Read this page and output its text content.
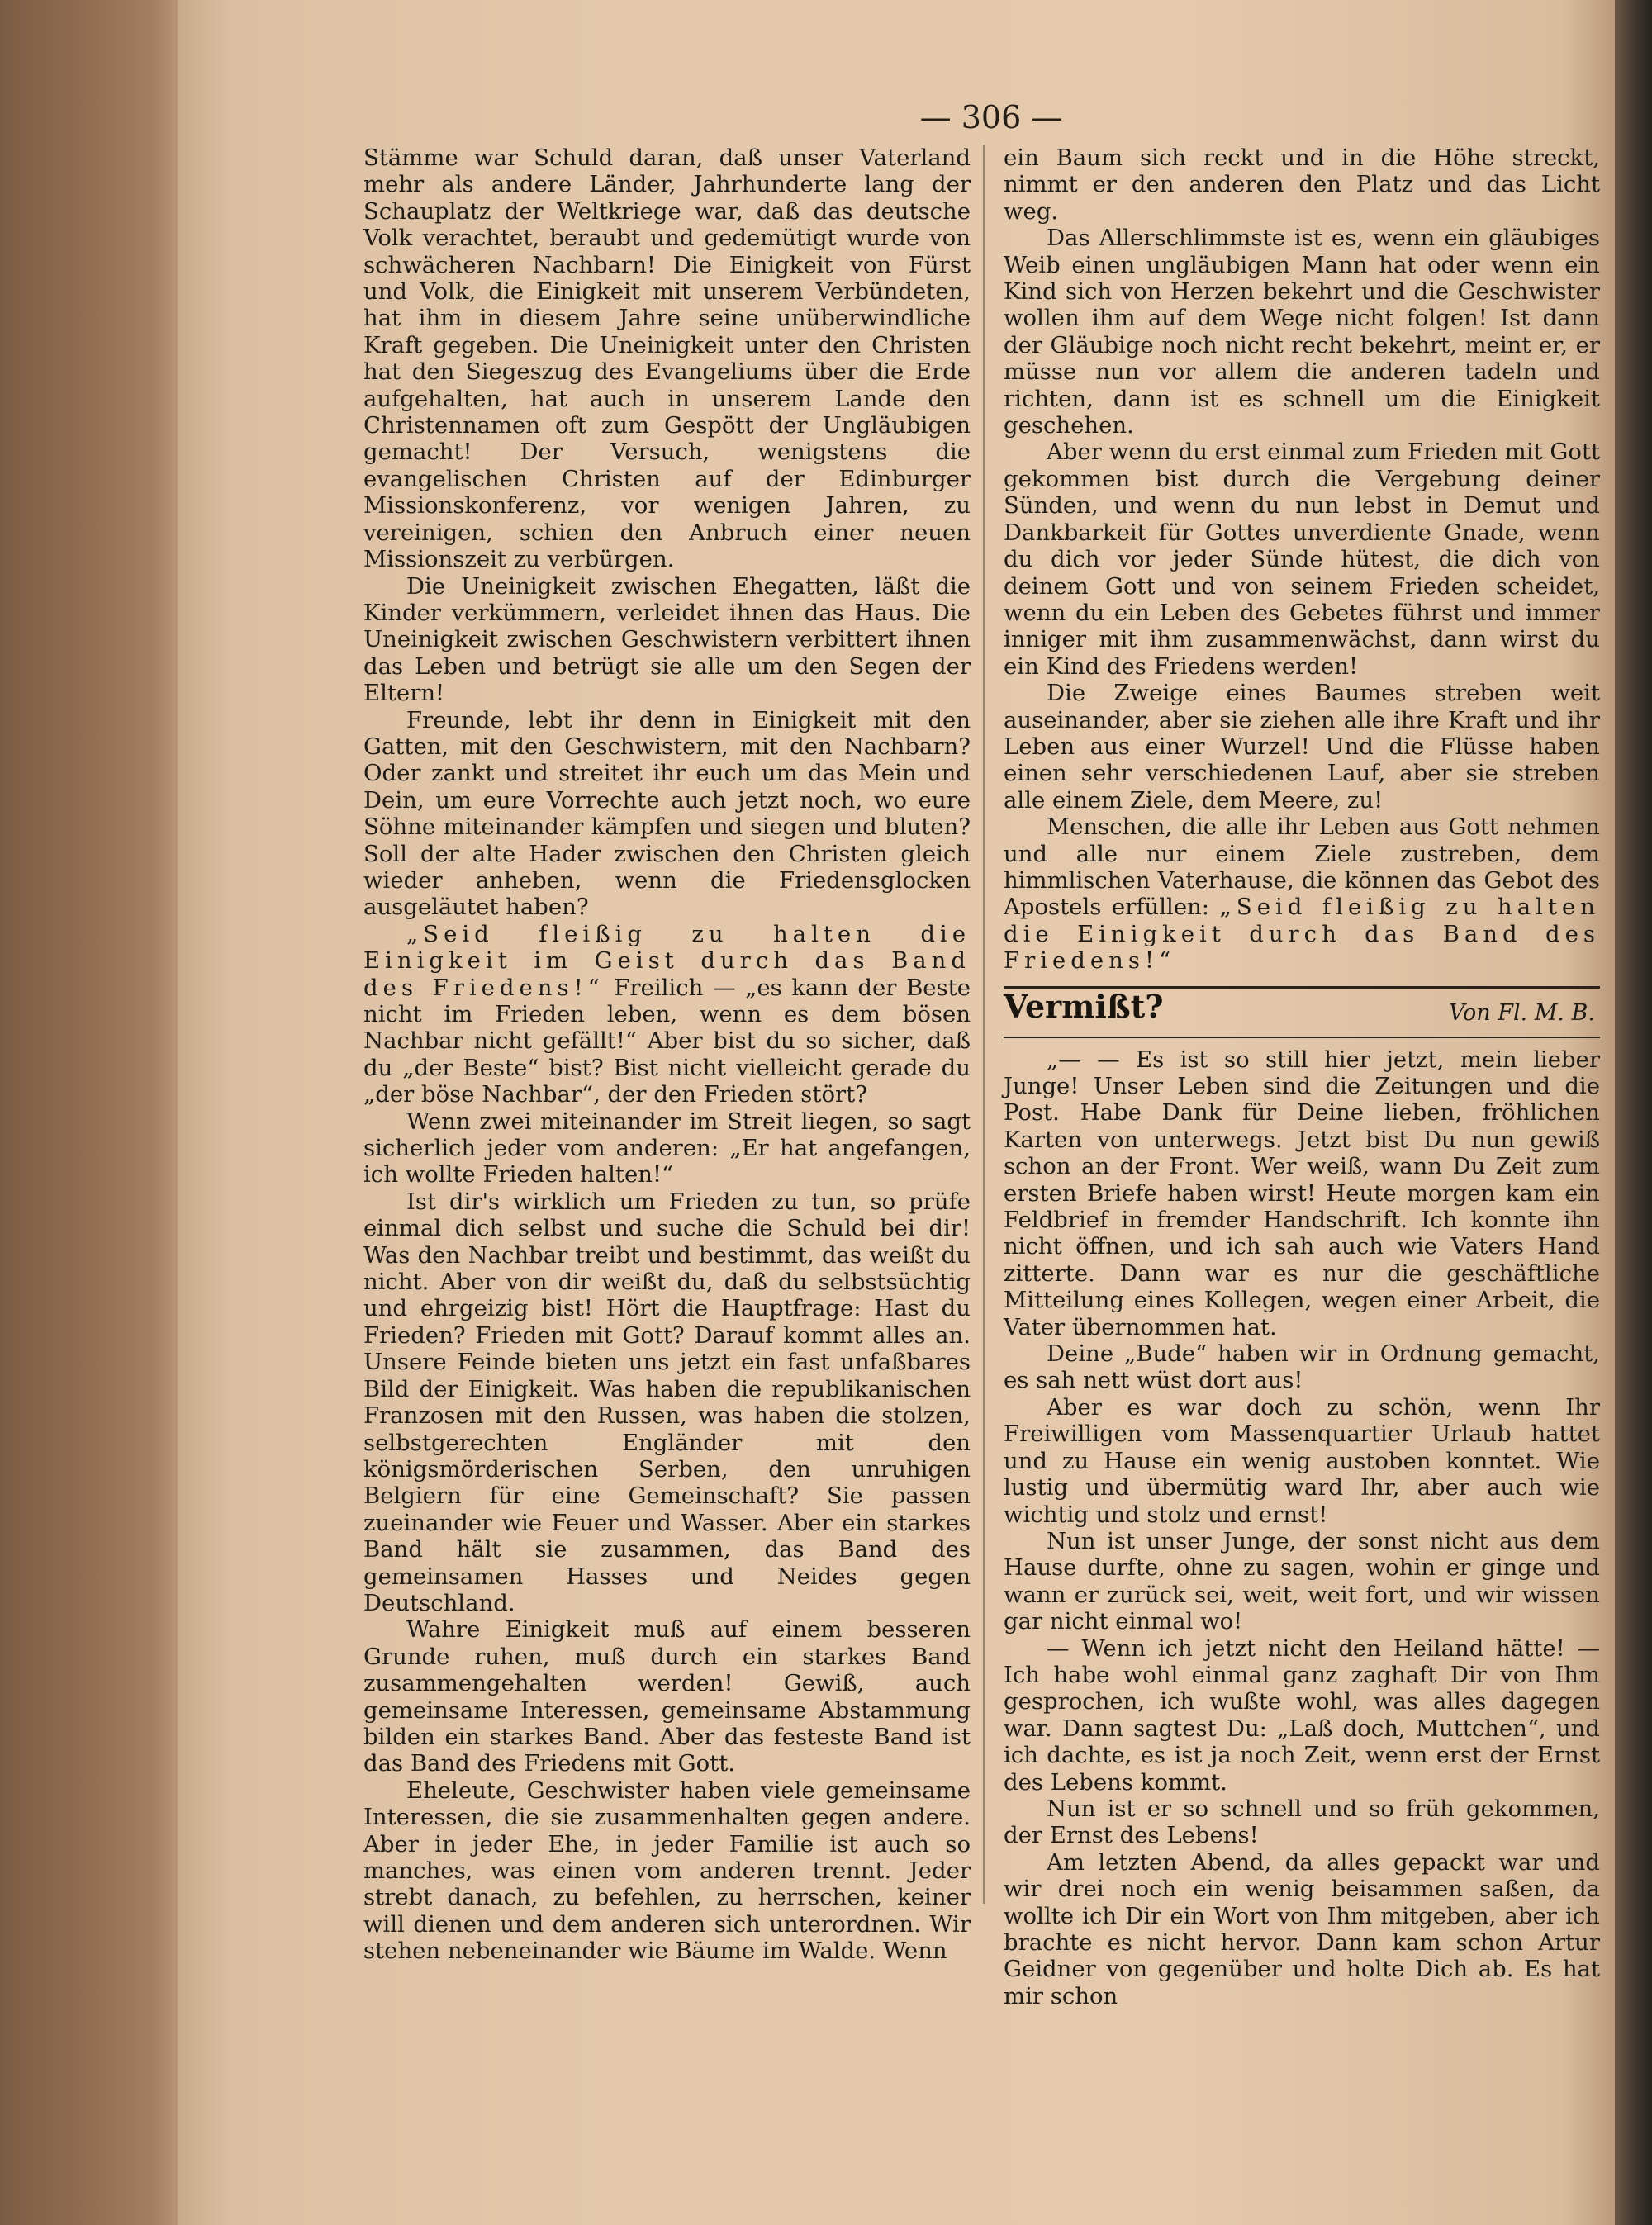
— 306 —

Stämme war Schuld daran, daß unser Vaterland mehr als andere Länder, Jahrhunderte lang der Schauplatz der Weltkriege war, daß das deutsche Volk verachtet, beraubt und gedemütigt wurde von schwächeren Nachbarn! Die Einigkeit von Fürst und Volk, die Einigkeit mit unserem Verbündeten, hat ihm in diesem Jahre seine unüberwindliche Kraft gegeben. Die Uneinigkeit unter den Christen hat den Siegeszug des Evangeliums über die Erde aufgehalten, hat auch in unserem Lande den Christennamen oft zum Gespött der Ungläubigen gemacht! Der Versuch, wenigstens die evangelischen Christen auf der Edinburger Missionskonferenz, vor wenigen Jahren, zu vereinigen, schien den Anbruch einer neuen Missionszeit zu verbürgen.

Die Uneinigkeit zwischen Ehegatten, läßt die Kinder verkümmern, verleidet ihnen das Haus. Die Uneinigkeit zwischen Geschwistern verbittert ihnen das Leben und betrügt sie alle um den Segen der Eltern!

Freunde, lebt ihr denn in Einigkeit mit den Gatten, mit den Geschwistern, mit den Nachbarn? Oder zankt und streitet ihr euch um das Mein und Dein, um eure Vorrechte auch jetzt noch, wo eure Söhne miteinander kämpfen und siegen und bluten? Soll der alte Hader zwischen den Christen gleich wieder anheben, wenn die Friedensglocken ausgeläutet haben?

„Seid fleißig zu halten die Einigkeit im Geist durch das Band des Friedens!“ Freilich — „es kann der Beste nicht im Frieden leben, wenn es dem bösen Nachbar nicht gefällt!“ Aber bist du so sicher, daß du „der Beste“ bist? Bist nicht vielleicht gerade du „der böse Nachbar“, der den Frieden stört?

Wenn zwei miteinander im Streit liegen, so sagt sicherlich jeder vom anderen: „Er hat angefangen, ich wollte Frieden halten!“

Ist dir's wirklich um Frieden zu tun, so prüfe einmal dich selbst und suche die Schuld bei dir! Was den Nachbar treibt und bestimmt, das weißt du nicht. Aber von dir weißt du, daß du selbstsüchtig und ehrgeizig bist! Hört die Hauptfrage: Hast du Frieden? Frieden mit Gott? Darauf kommt alles an. Unsere Feinde bieten uns jetzt ein fast unfaßbares Bild der Einigkeit. Was haben die republikanischen Franzosen mit den Russen, was haben die stolzen, selbstgerechten Engländer mit den königsmörderischen Serben, den unruhigen Belgiern für eine Gemeinschaft? Sie passen zueinander wie Feuer und Wasser. Aber ein starkes Band hält sie zusammen, das Band des gemeinsamen Hasses und Neides gegen Deutschland.

Wahre Einigkeit muß auf einem besseren Grunde ruhen, muß durch ein starkes Band zusammengehalten werden! Gewiß, auch gemeinsame Interessen, gemeinsame Abstammung bilden ein starkes Band. Aber das festeste Band ist das Band des Friedens mit Gott.

Eheleute, Geschwister haben viele gemeinsame Interessen, die sie zusammenhalten gegen andere. Aber in jeder Ehe, in jeder Familie ist auch so manches, was einen vom anderen trennt. Jeder strebt danach, zu befehlen, zu herrschen, keiner will dienen und dem anderen sich unterordnen. Wir stehen nebeneinander wie Bäume im Walde. Wenn

ein Baum sich reckt und in die Höhe streckt, nimmt er den anderen den Platz und das Licht weg.

Das Allerschlimmste ist es, wenn ein gläubiges Weib einen ungläubigen Mann hat oder wenn ein Kind sich von Herzen bekehrt und die Geschwister wollen ihm auf dem Wege nicht folgen! Ist dann der Gläubige noch nicht recht bekehrt, meint er, er müsse nun vor allem die anderen tadeln und richten, dann ist es schnell um die Einigkeit geschehen.

Aber wenn du erst einmal zum Frieden mit Gott gekommen bist durch die Vergebung deiner Sünden, und wenn du nun lebst in Demut und Dankbarkeit für Gottes unverdiente Gnade, wenn du dich vor jeder Sünde hütest, die dich von deinem Gott und von seinem Frieden scheidet, wenn du ein Leben des Gebetes führst und immer inniger mit ihm zusammenwächst, dann wirst du ein Kind des Friedens werden!

Die Zweige eines Baumes streben weit auseinander, aber sie ziehen alle ihre Kraft und ihr Leben aus einer Wurzel! Und die Flüsse haben einen sehr verschiedenen Lauf, aber sie streben alle einem Ziele, dem Meere, zu!

Menschen, die alle ihr Leben aus Gott nehmen und alle nur einem Ziele zustreben, dem himmlischen Vaterhause, die können das Gebot des Apostels erfüllen: „Seid fleißig zu halten die Einigkeit durch das Band des Friedens!“

Vermißt?	Von Fl. M. B.

„— — Es ist so still hier jetzt, mein lieber Junge! Unser Leben sind die Zeitungen und die Post. Habe Dank für Deine lieben, fröhlichen Karten von unterwegs. Jetzt bist Du nun gewiß schon an der Front. Wer weiß, wann Du Zeit zum ersten Briefe haben wirst! Heute morgen kam ein Feldbrief in fremder Handschrift. Ich konnte ihn nicht öffnen, und ich sah auch wie Vaters Hand zitterte. Dann war es nur die geschäftliche Mitteilung eines Kollegen, wegen einer Arbeit, die Vater übernommen hat.

Deine „Bude“ haben wir in Ordnung gemacht, es sah nett wüst dort aus!

Aber es war doch zu schön, wenn Ihr Freiwilligen vom Massenquartier Urlaub hattet und zu Hause ein wenig austoben konntet. Wie lustig und übermütig ward Ihr, aber auch wie wichtig und stolz und ernst!

Nun ist unser Junge, der sonst nicht aus dem Hause durfte, ohne zu sagen, wohin er ginge und wann er zurück sei, weit, weit fort, und wir wissen gar nicht einmal wo!

— Wenn ich jetzt nicht den Heiland hätte! — Ich habe wohl einmal ganz zaghaft Dir von Ihm gesprochen, ich wußte wohl, was alles dagegen war. Dann sagtest Du: „Laß doch, Muttchen“, und ich dachte, es ist ja noch Zeit, wenn erst der Ernst des Lebens kommt.

Nun ist er so schnell und so früh gekommen, der Ernst des Lebens!

Am letzten Abend, da alles gepackt war und wir drei noch ein wenig beisammen saßen, da wollte ich Dir ein Wort von Ihm mitgeben, aber ich brachte es nicht hervor. Dann kam schon Artur Geidner von gegenüber und holte Dich ab. Es hat mir schon
